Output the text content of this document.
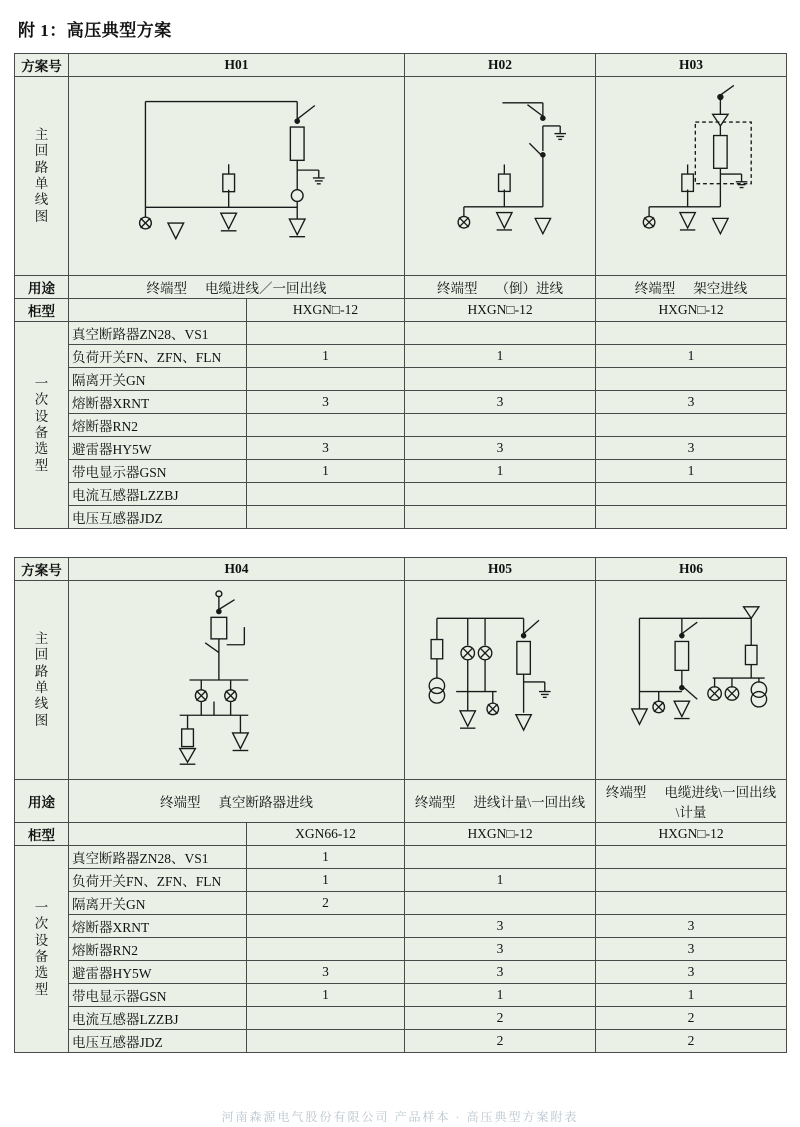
附 1：高压典型方案
方案号	H01		H02	H03

主
回
路
单
线
图

用途	终端型 电缆进线／一回出线		终端型 （倒）进线	终端型 架空进线
柜型		HXGN□-12	HXGN□-12	HXGN□-12

一
次
设
备
选
型
	真空断路器ZN28、VS1			
	负荷开关FN、ZFN、FLN	1	1	1
	隔离开关GN			
	熔断器XRNT	3	3	3
	熔断器RN2			
	避雷器HY5W	3	3	3
	带电显示器GSN	1	1	1
	电流互感器LZZBJ			
	电压互感器JDZ			
方案号	H04		H05	H06

主
回
路
单
线
图

用途	终端型 真空断路器进线		终端型 进线计量\一回出线	终端型 电缆进线\一回出线\计量
柜型		XGN66-12	HXGN□-12	HXGN□-12

一
次
设
备
选
型
	真空断路器ZN28、VS1	1		
	负荷开关FN、ZFN、FLN	1	1	
	隔离开关GN	2		
	熔断器XRNT		3	3
	熔断器RN2		3	3
	避雷器HY5W	3	3	3
	带电显示器GSN	1	1	1
	电流互感器LZZBJ		2	2
	电压互感器JDZ		2	2
河南森源电气股份有限公司 产品样本 · 高压典型方案附表
